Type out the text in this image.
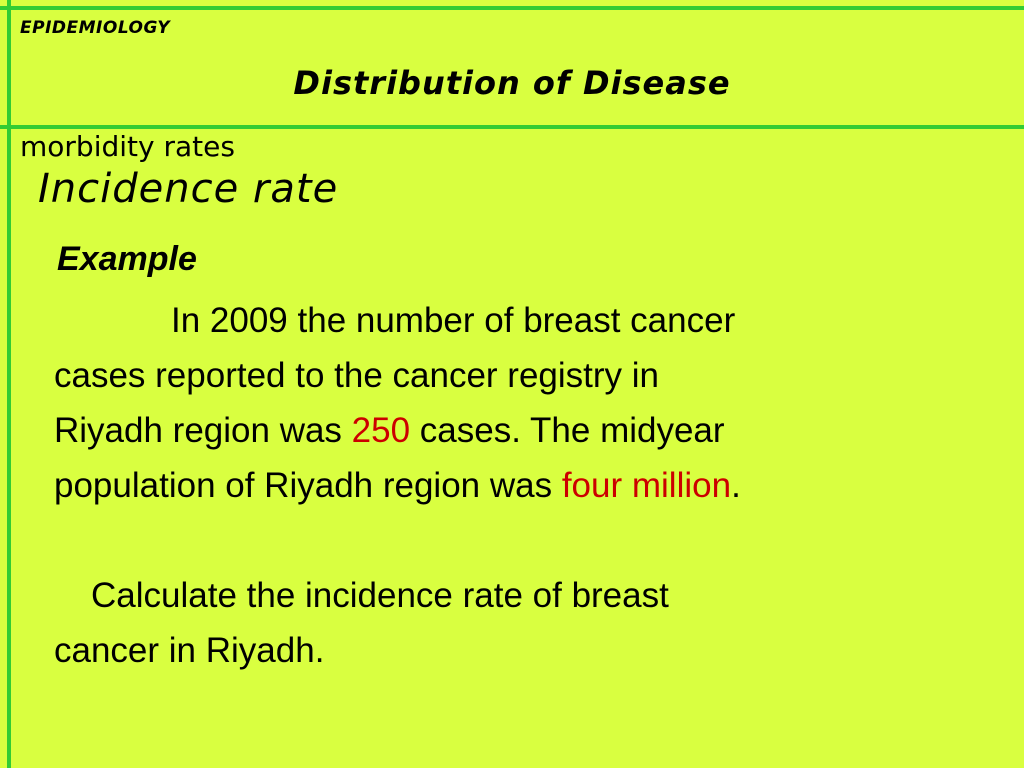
EPIDEMIOLOGY
Distribution of Disease
morbidity rates
Incidence rate
Example

In 2009 the number of breast cancer

cases reported to the cancer registry in

Riyadh region was 250 cases. The midyear

population of Riyadh region was four million.

Calculate the incidence rate of breast

cancer in Riyadh.
